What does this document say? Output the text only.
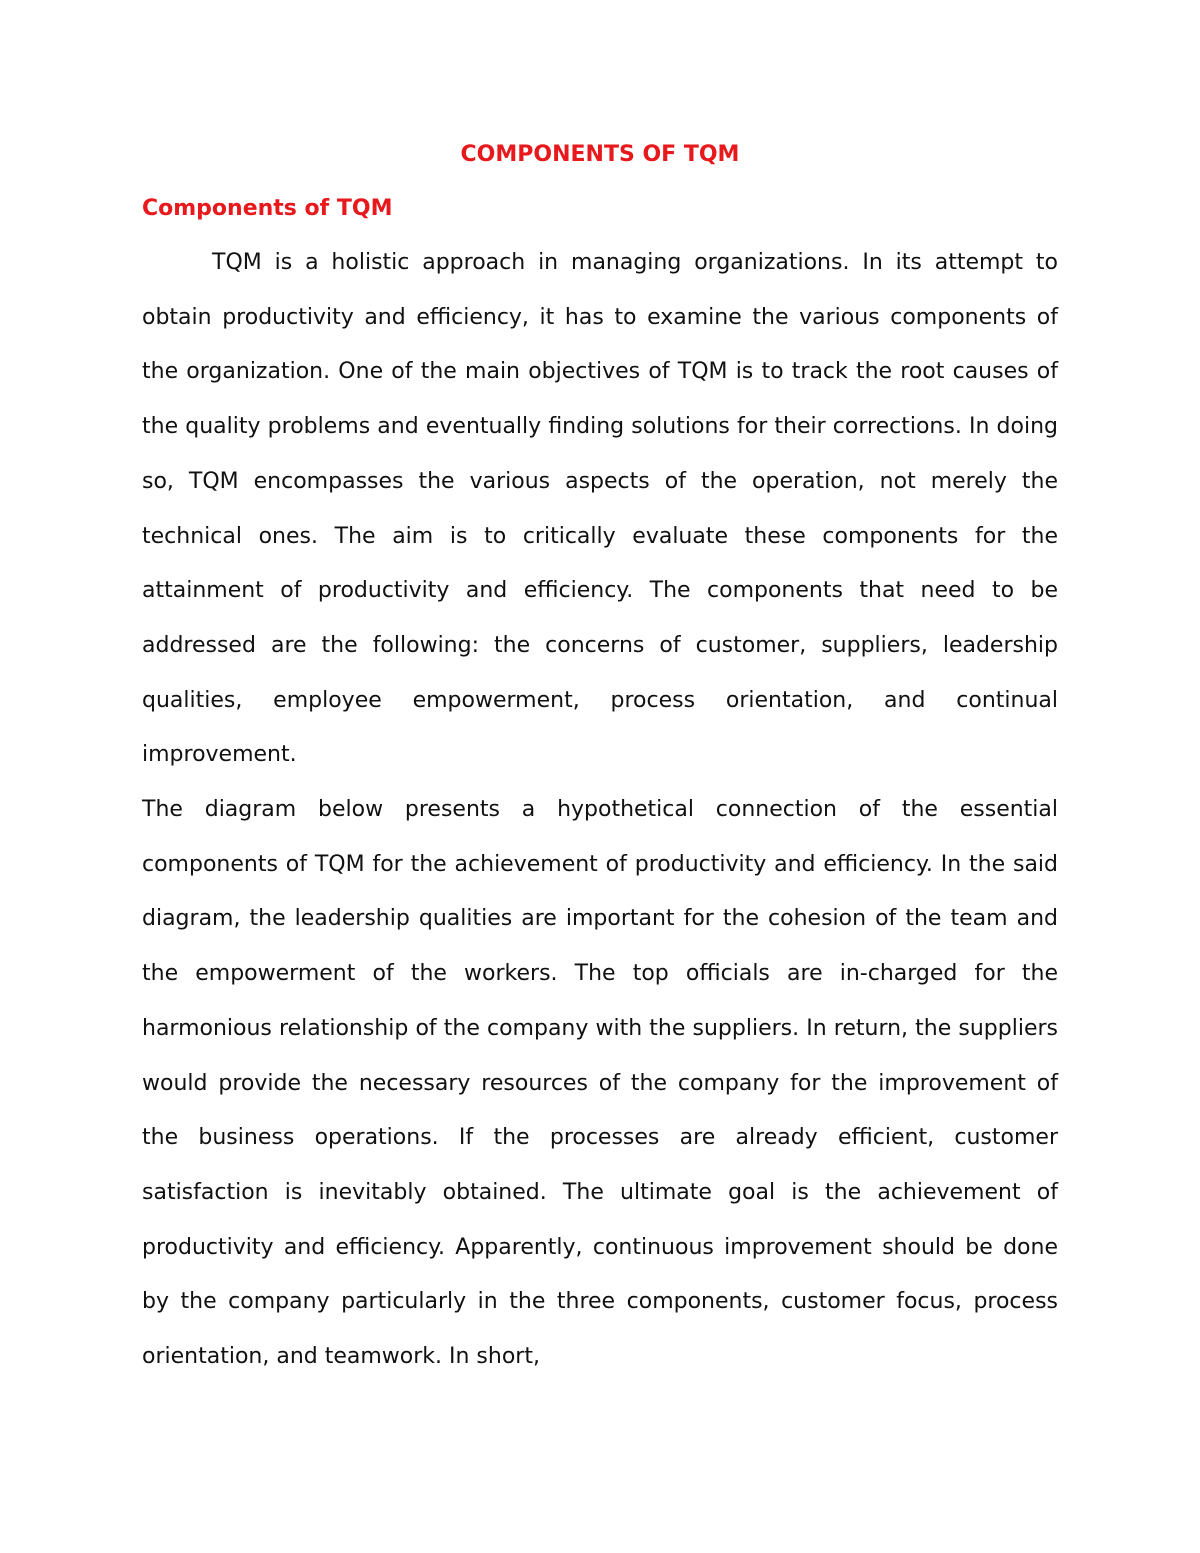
COMPONENTS OF TQM
Components of TQM

TQM is a holistic approach in managing organizations. In its attempt to obtain productivity and efficiency, it has to examine the various components of the organization. One of the main objectives of TQM is to track the root causes of the quality problems and eventually finding solutions for their corrections. In doing so, TQM encompasses the various aspects of the operation, not merely the technical ones. The aim is to critically evaluate these components for the attainment of productivity and efficiency. The components that need to be addressed are the following: the concerns of customer, suppliers, leadership qualities, employee empowerment, process orientation, and continual improvement.

The diagram below presents a hypothetical connection of the essential components of TQM for the achievement of productivity and efficiency. In the said diagram, the leadership qualities are important for the cohesion of the team and the empowerment of the workers. The top officials are in-charged for the harmonious relationship of the company with the suppliers. In return, the suppliers would provide the necessary resources of the company for the improvement of the business operations. If the processes are already efficient, customer satisfaction is inevitably obtained. The ultimate goal is the achievement of productivity and efficiency. Apparently, continuous improvement should be done by the company particularly in the three components, customer focus, process orientation, and teamwork. In short,
